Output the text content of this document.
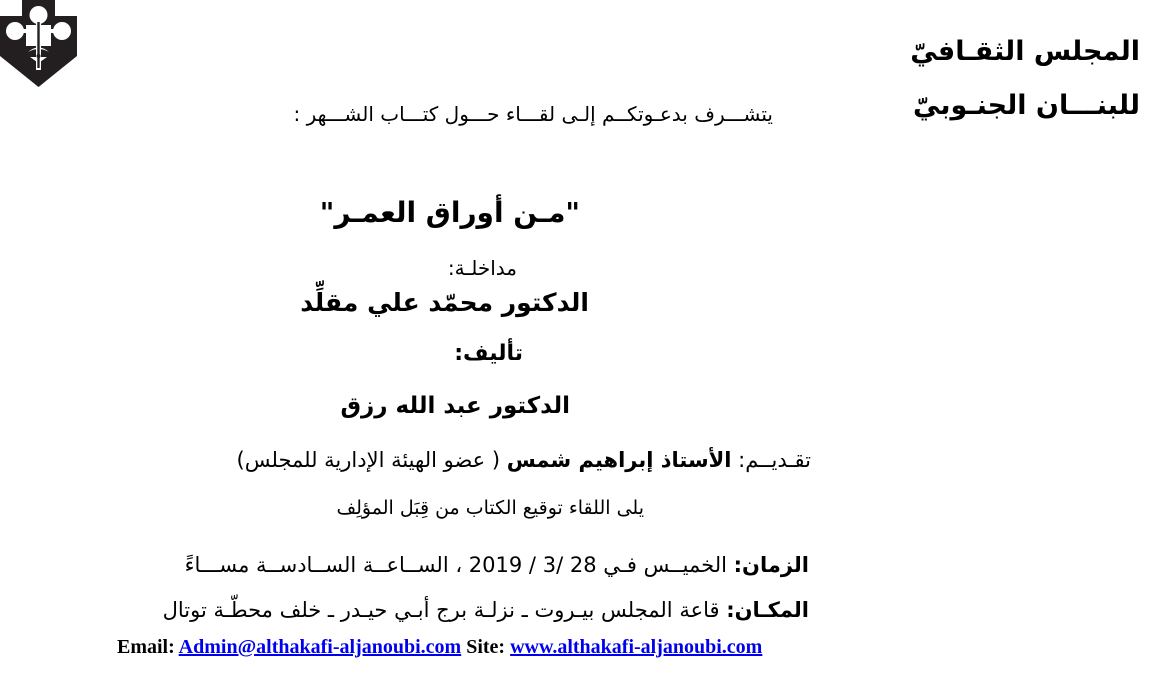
المجلس الثقـافيّ
للبنـــان الجنـوبيّ
يتشـــرف بدعـوتكــم إلـى لقـــاء حـــول كتـــاب الشـــهر :
"مـن أوراق العمـر"
مداخلـة:
الدكتور محمّد علي مقلِّد
تأليف:
الدكتور عبد الله رزق
تقـديــم: الأستاذ إبراهيم شمس ( عضو الهيئة الإدارية للمجلس)
يلى اللقاء توقيع الكتاب من قِبَل المؤلِف
الزمان: الخميــس فـي 28 /3 / 2019 ، الســاعــة الســادســة مســـاءً
المكـان: قاعة المجلس بيـروت ـ نزلـة برج أبـي حيـدر ـ خلف محطّـة توتال
Email: Admin@althakafi-aljanoubi.com Site: www.althakafi-aljanoubi.com
